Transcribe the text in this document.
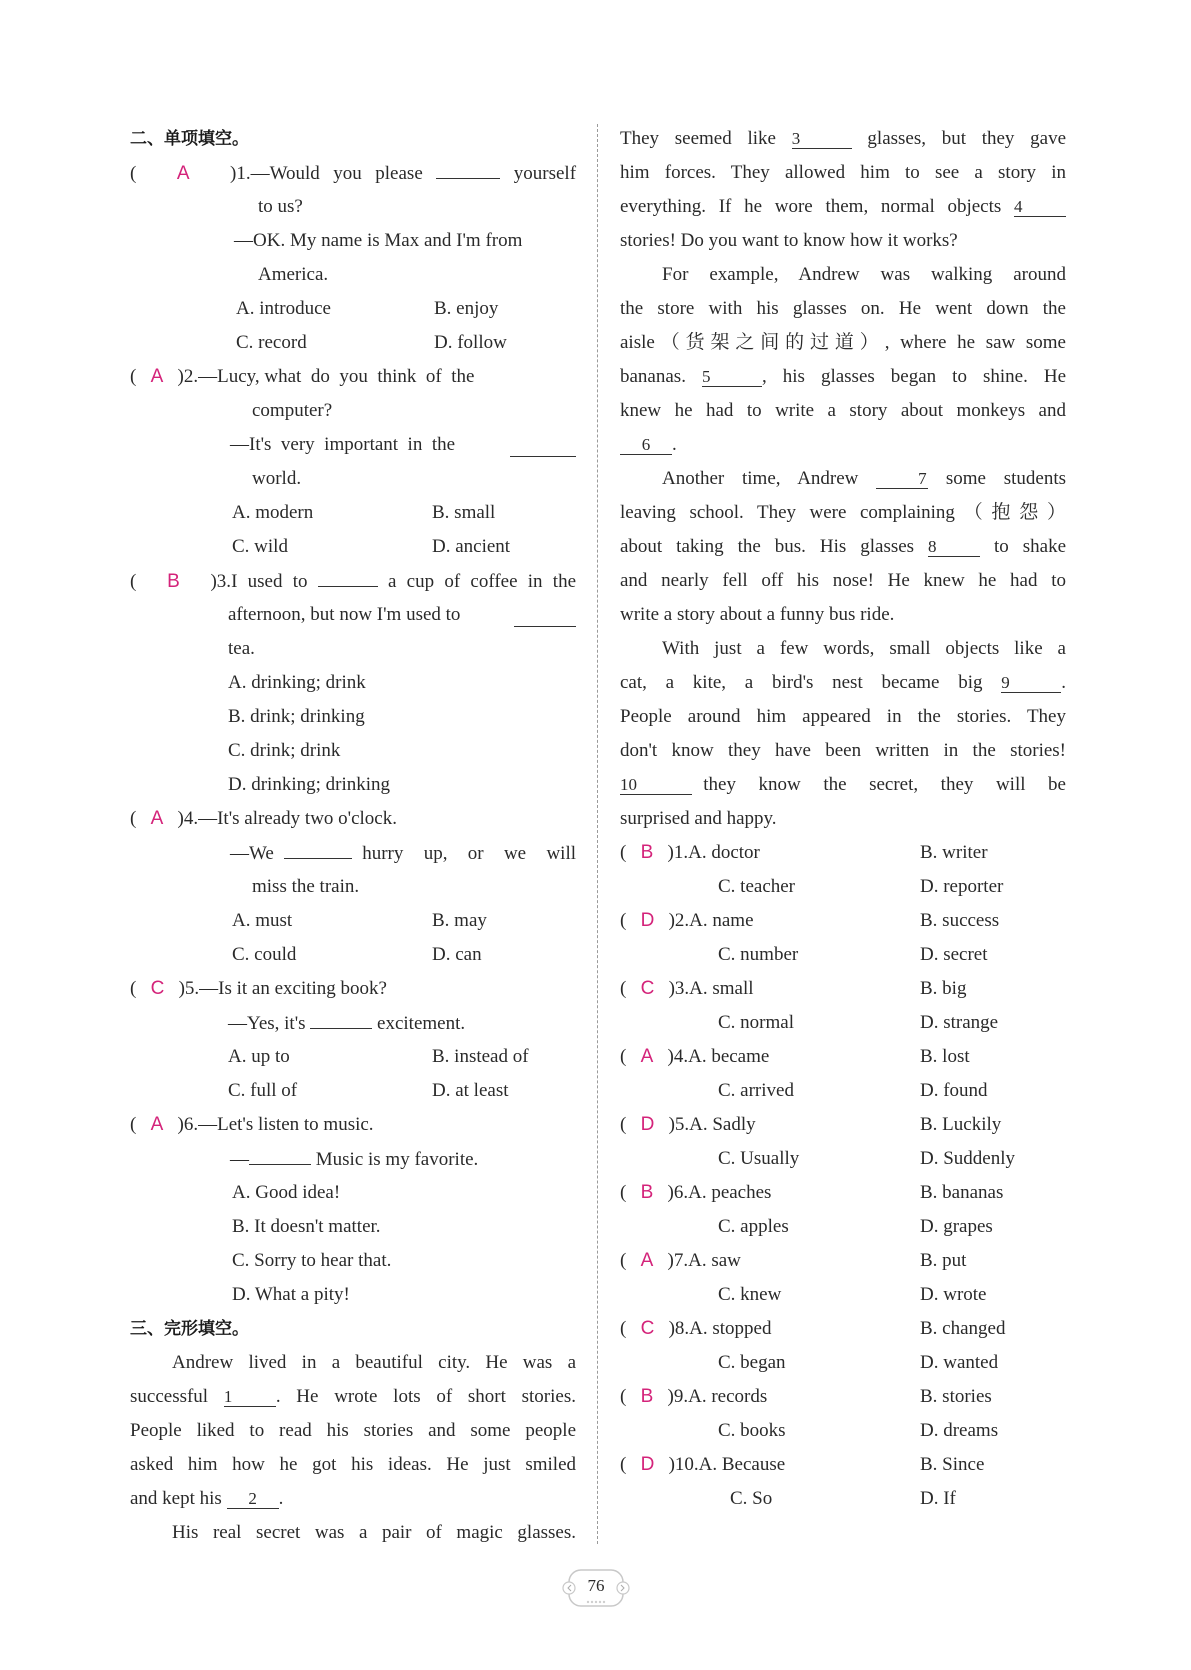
二、单项填空。
(   A )1.—Would you please	yourself
to us?
—OK. My name is Max and I'm from
America.
A. introduce	B. enjoy
C. record	D. follow
(   A )2.—Lucy, what  do  you  think  of  the
computer?
—It's  very  important  in  the
world.
A. modern	B. small
C. wild	D. ancient
(   B )3.I used to	a cup of coffee in the
afternoon, but now I'm used to
tea.
A. drinking; drink
B. drink; drinking
C. drink; drink
D. drinking; drinking
(   A )4.—It's already two o'clock.
—We	hurry  up,  or  we  will
miss the train.
A. must	B. may
C. could	D. can
(   C )5.—Is it an exciting book?
—Yes, it's	excitement.
A. up to	B. instead of
C. full of	D. at least
(   A )6.—Let's listen to music.
—	Music is my favorite.
A. Good idea!
B. It doesn't matter.
C. Sorry to hear that.
D. What a pity!
三、完形填空。
Andrew lived in a beautiful city. He was a
successful 1 . He wrote lots of short stories.
People liked to read his stories and some people
asked him how he got his ideas. He just smiled
and kept his 2 .
His real secret was a pair of magic glasses.
They seemed like 3	glasses, but they gave
him forces. They allowed him to see a story in
everything. If he wore them, normal objects 4
stories! Do you want to know how it works?
For example, Andrew was walking around
the store with his glasses on. He went down the
aisle（货架之间的过道）, where he saw some
bananas. 5	, his glasses began to shine. He
knew he had to write a story about monkeys and
6 .
Another time, Andrew	7 some students
leaving school. They were complaining（抱怨）
about taking the bus. His glasses 8	to shake
and nearly fell off his nose! He knew he had to
write a story about a funny bus ride.
With just a few words, small objects like a
cat, a kite, a bird's nest became big 9	.
People around him appeared in the stories. They
don't know they have been written in the stories!
10	they  know  the  secret,  they  will  be
surprised and happy.
(   B )1.A. doctor	B. writer
C. teacher	D. reporter
(   D )2.A. name	B. success
C. number	D. secret
(   C )3.A. small	B. big
C. normal	D. strange
(   A )4.A. became	B. lost
C. arrived	D. found
(   D )5.A. Sadly	B. Luckily
C. Usually	D. Suddenly
(   B )6.A. peaches	B. bananas
C. apples	D. grapes
(   A )7.A. saw	B. put
C. knew	D. wrote
(   C )8.A. stopped	B. changed
C. began	D. wanted
(   B )9.A. records	B. stories
C. books	D. dreams
(   D )10.A. Because	B. Since
C. So	D. If
76
